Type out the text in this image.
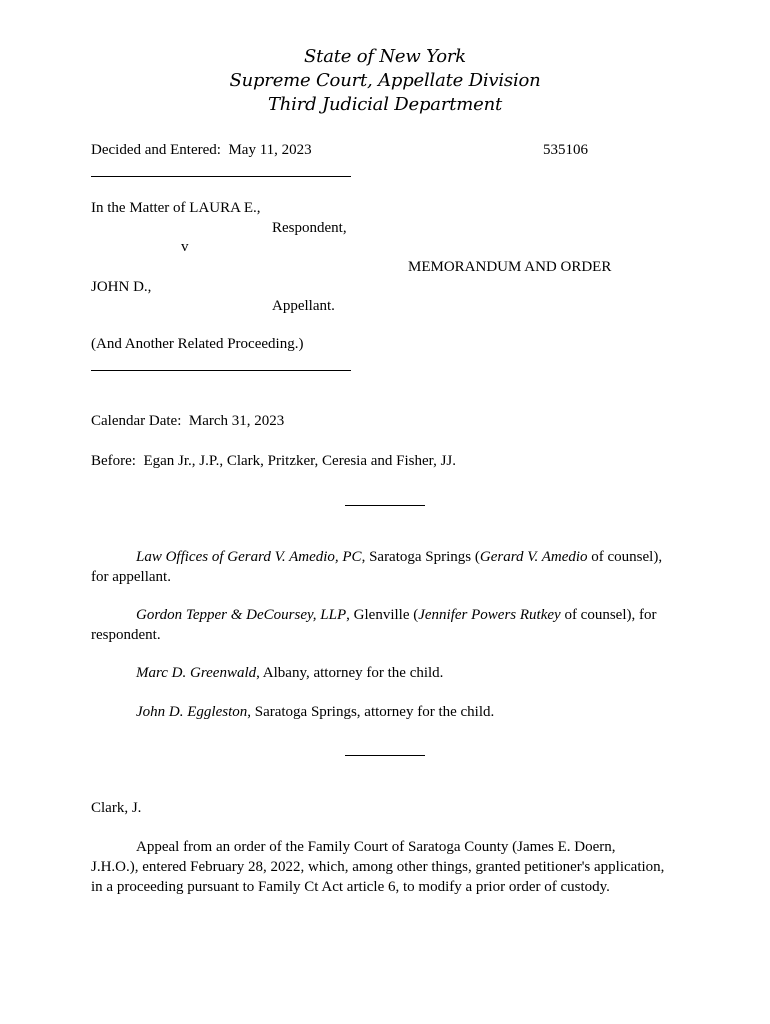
State of New York
Supreme Court, Appellate Division
Third Judicial Department
Decided and Entered: May 11, 2023	535106
In the Matter of LAURA E.,
Respondent,
v
MEMORANDUM AND ORDER
JOHN D.,
Appellant.
(And Another Related Proceeding.)
Calendar Date: March 31, 2023
Before: Egan Jr., J.P., Clark, Pritzker, Ceresia and Fisher, JJ.
Law Offices of Gerard V. Amedio, PC, Saratoga Springs (Gerard V. Amedio of counsel), for appellant.
Gordon Tepper & DeCoursey, LLP, Glenville (Jennifer Powers Rutkey of counsel), for respondent.
Marc D. Greenwald, Albany, attorney for the child.
John D. Eggleston, Saratoga Springs, attorney for the child.
Clark, J.
Appeal from an order of the Family Court of Saratoga County (James E. Doern, J.H.O.), entered February 28, 2022, which, among other things, granted petitioner's application, in a proceeding pursuant to Family Ct Act article 6, to modify a prior order of custody.
